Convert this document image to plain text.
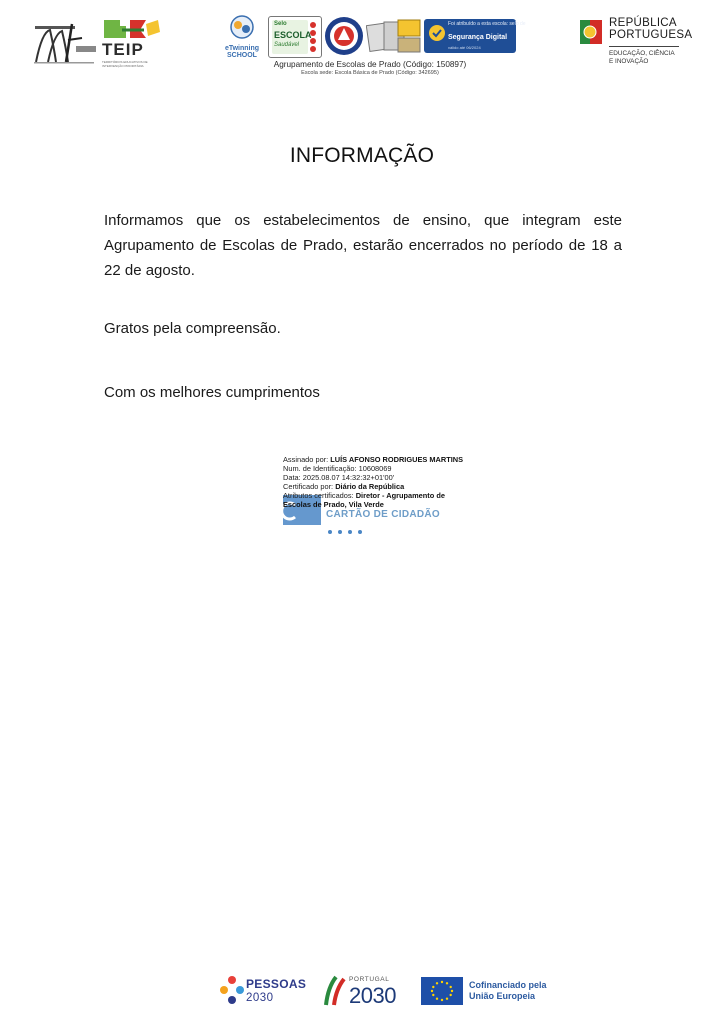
TEIP
TERRITÓRIOS EDUCATIVOS DE INTERVENÇÃO PRIORITÁRIA
eTwinning
SCHOOL
Selo
ESCOLA
Saudável
Foi atribuído a esta escola: selo de
Segurança Digital
válido até 06/2024
Agrupamento de Escolas de Prado (Código: 150897)
Escola sede: Escola Básica de Prado (Código: 342695)
REPÚBLICA
PORTUGUESA
EDUCAÇÃO, CIÊNCIA
E INOVAÇÃO
INFORMAÇÃO
Informamos que os estabelecimentos de ensino, que integram este Agrupamento de Escolas de Prado, estarão encerrados no período de 18 a 22 de agosto.
Gratos pela compreensão.
Com os melhores cumprimentos
CARTÃO DE CIDADÃO
Assinado por: LUÍS AFONSO RODRIGUES MARTINS
Num. de Identificação: 10608069
Data: 2025.08.07 14:32:32+01'00'
Certificado por: Diário da República
Atributos certificados: Diretor - Agrupamento de
Escolas de Prado, Vila Verde
PESSOAS
2030
PORTUGAL
2030	Cofinanciado pela
União Europeia
